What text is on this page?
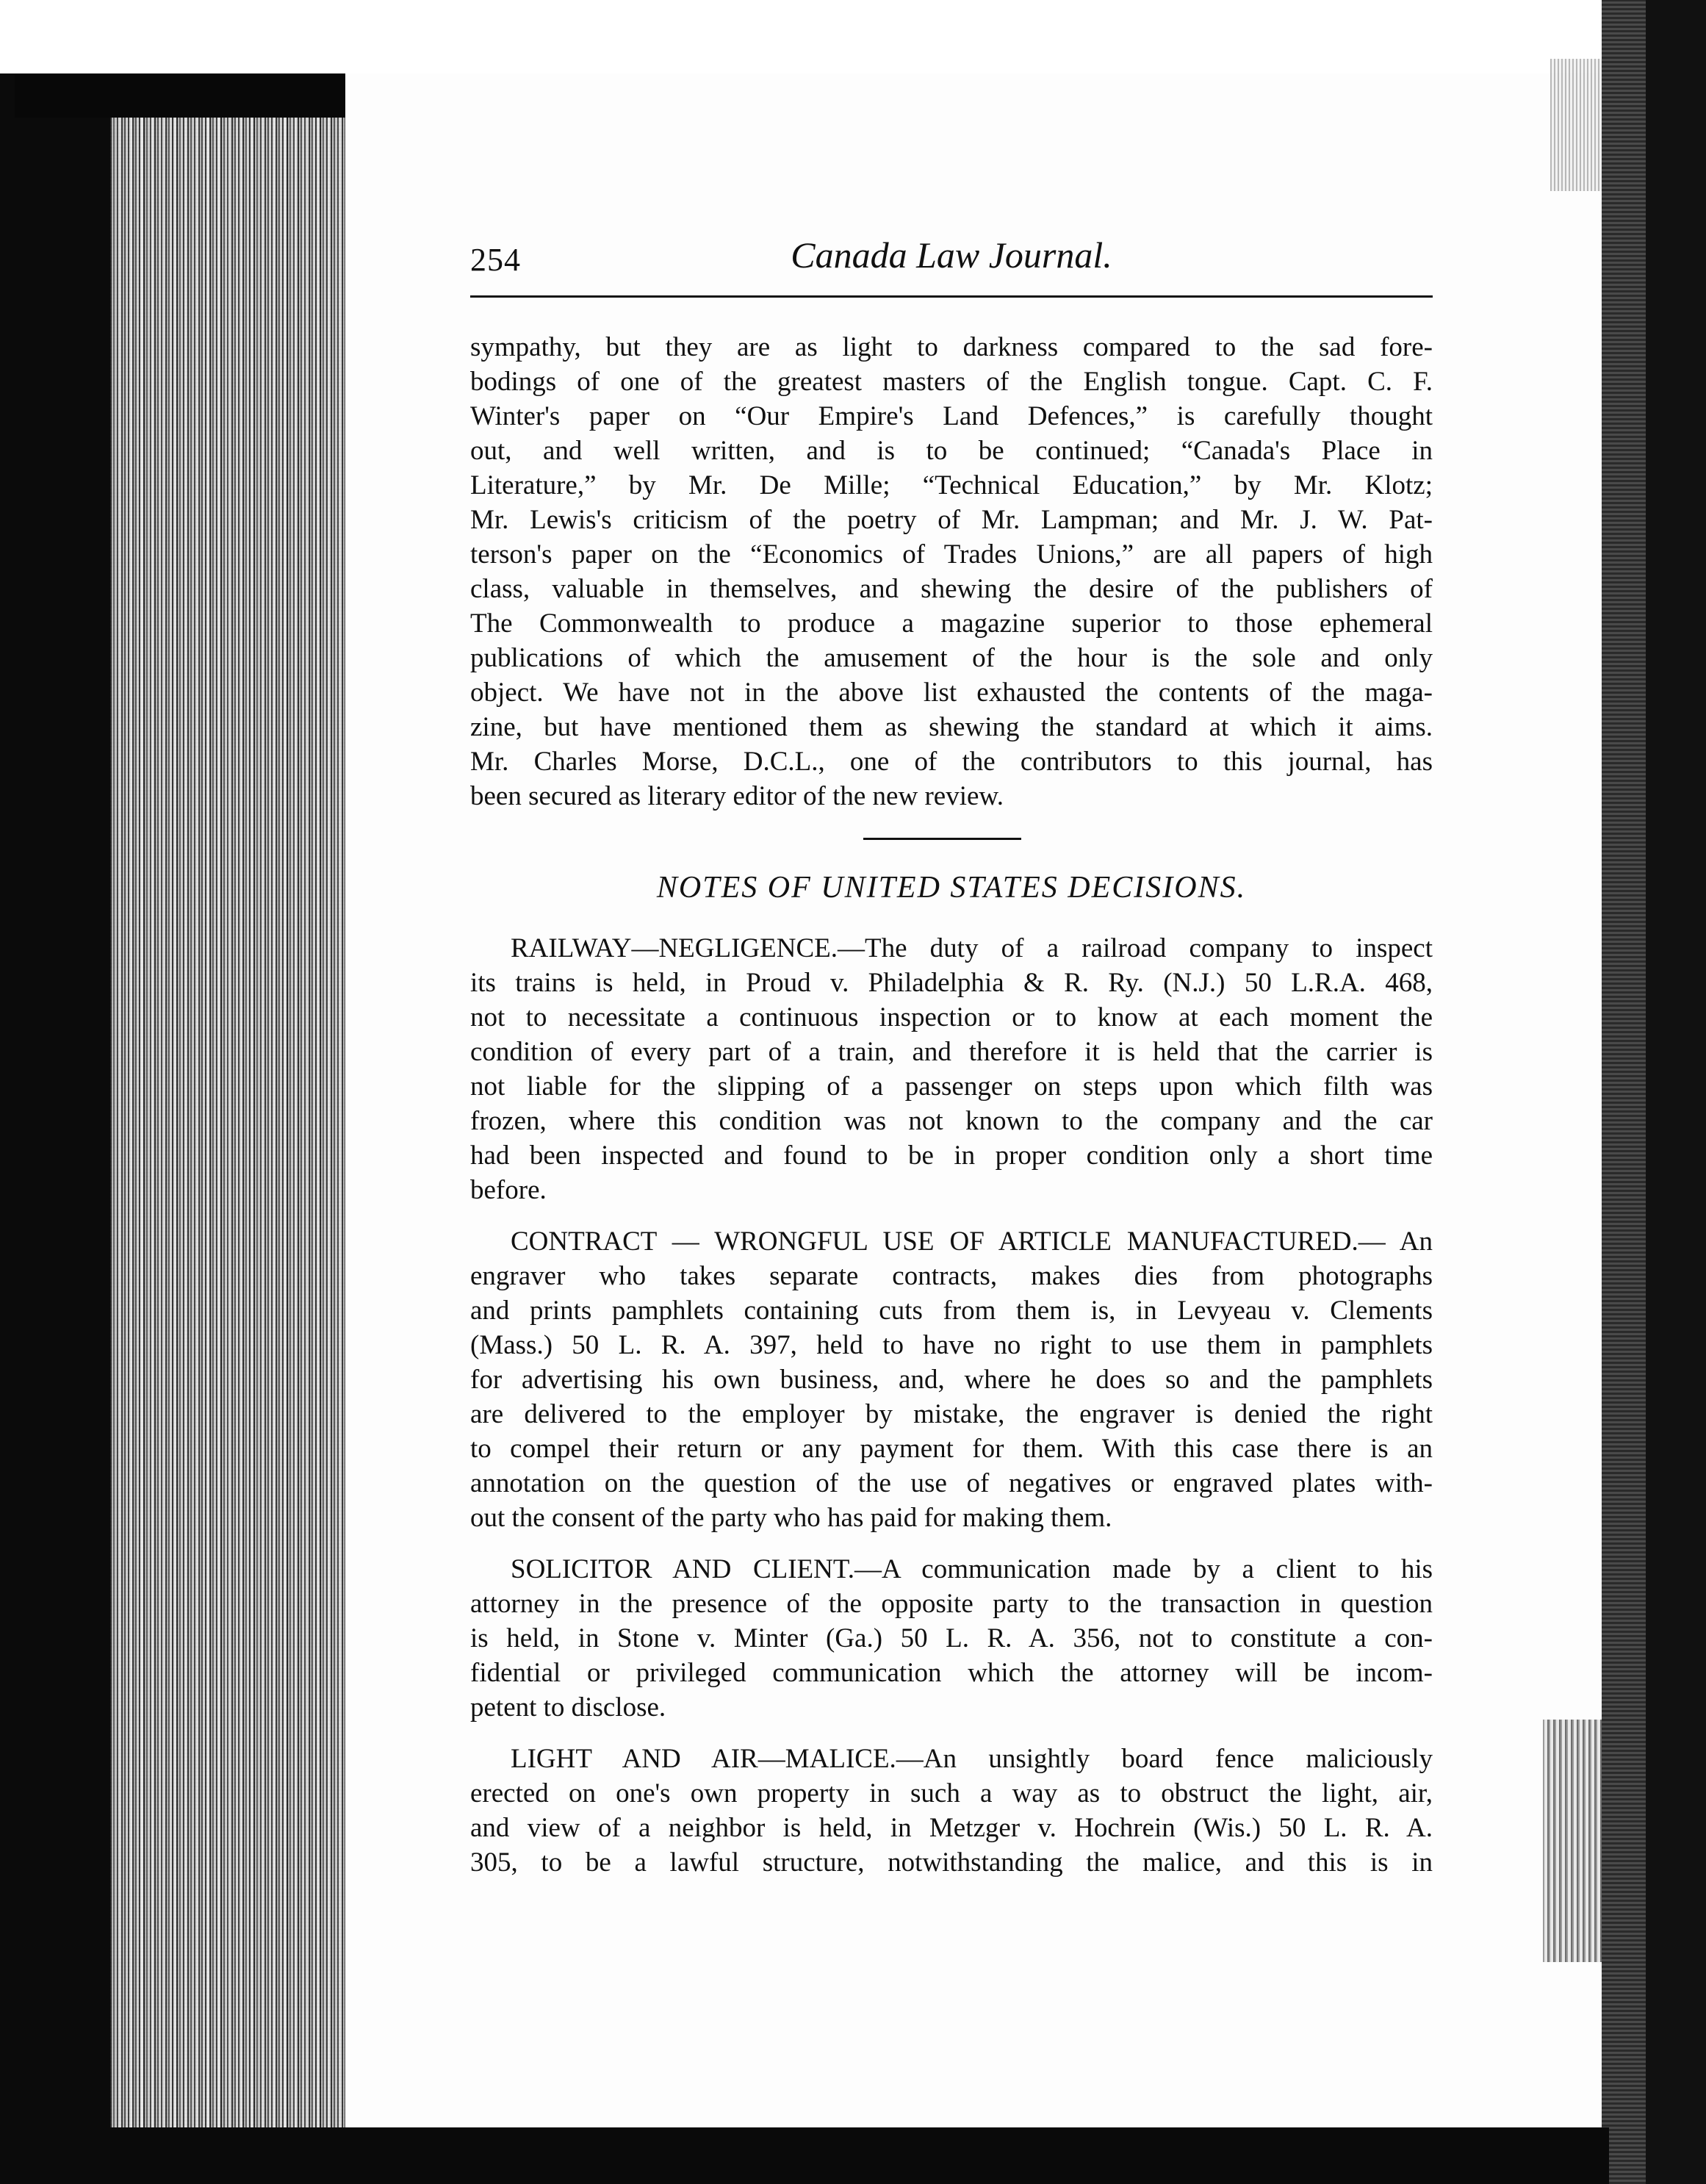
Canada Law Journal.
254
sympathy, but they are as light to darkness compared to the sad fore-
bodings of one of the greatest masters of the English tongue. Capt. C. F.
Winter's paper on “Our Empire's Land Defences,” is carefully thought
out, and well written, and is to be continued; “Canada's Place in
Literature,” by Mr. De Mille; “Technical Education,” by Mr. Klotz;
Mr. Lewis's criticism of the poetry of Mr. Lampman; and Mr. J. W. Pat-
terson's paper on the “Economics of Trades Unions,” are all papers of high
class, valuable in themselves, and shewing the desire of the publishers of
The Commonwealth to produce a magazine superior to those ephemeral
publications of which the amusement of the hour is the sole and only
object. We have not in the above list exhausted the contents of the maga-
zine, but have mentioned them as shewing the standard at which it aims.
Mr. Charles Morse, D.C.L., one of the contributors to this journal, has
been secured as literary editor of the new review.
NOTES OF UNITED STATES DECISIONS.
RAILWAY—NEGLIGENCE.—The duty of a railroad company to inspect
its trains is held, in Proud v. Philadelphia & R. Ry. (N.J.) 50 L.R.A. 468,
not to necessitate a continuous inspection or to know at each moment the
condition of every part of a train, and therefore it is held that the carrier is
not liable for the slipping of a passenger on steps upon which filth was
frozen, where this condition was not known to the company and the car
had been inspected and found to be in proper condition only a short time
before.
CONTRACT — WRONGFUL USE OF ARTICLE MANUFACTURED.— An
engraver who takes separate contracts, makes dies from photographs
and prints pamphlets containing cuts from them is, in Levyeau v. Clements
(Mass.) 50 L. R. A. 397, held to have no right to use them in pamphlets
for advertising his own business, and, where he does so and the pamphlets
are delivered to the employer by mistake, the engraver is denied the right
to compel their return or any payment for them. With this case there is an
annotation on the question of the use of negatives or engraved plates with-
out the consent of the party who has paid for making them.
SOLICITOR AND CLIENT.—A communication made by a client to his
attorney in the presence of the opposite party to the transaction in question
is held, in Stone v. Minter (Ga.) 50 L. R. A. 356, not to constitute a con-
fidential or privileged communication which the attorney will be incom-
petent to disclose.
LIGHT AND AIR—MALICE.—An unsightly board fence maliciously
erected on one's own property in such a way as to obstruct the light, air,
and view of a neighbor is held, in Metzger v. Hochrein (Wis.) 50 L. R. A.
305, to be a lawful structure, notwithstanding the malice, and this is in
